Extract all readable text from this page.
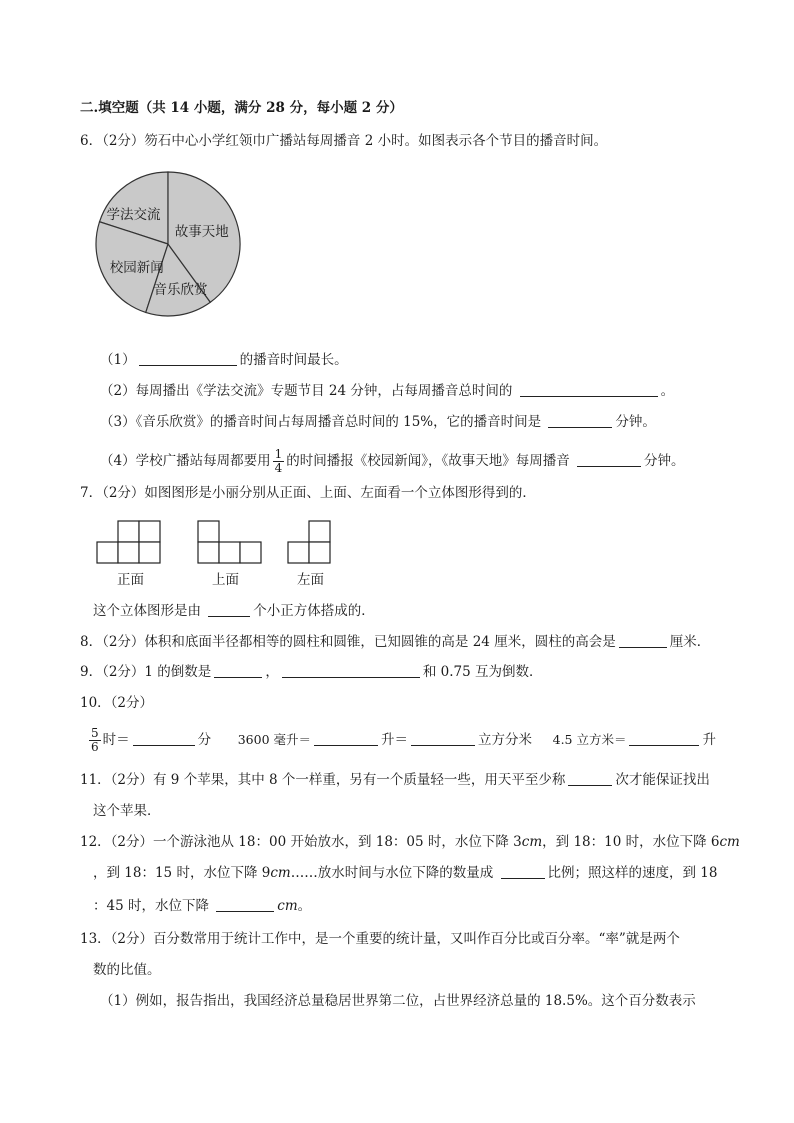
二.填空题（共 14 小题，满分 28 分，每小题 2 分）
6．（2分）笏石中心小学红领巾广播站每周播音 2 小时。如图表示各个节目的播音时间。
学法交流
校园新闻
音乐欣赏
故事天地
（1）	的播音时间最长。
（2）每周播出《学法交流》专题节目 24 分钟，占每周播音总时间的	。
（3）《音乐欣赏》的播音时间占每周播音总时间的 15%，它的播音时间是	分钟。
（4）学校广播站每周都要用 $\frac{1}{4}$ 的时间播报《校园新闻》，《故事天地》每周播音	分钟。
7．（2分）如图图形是小丽分别从正面、上面、左面看一个立体图形得到的．
正面	上面	左面
这个立体图形是由	个小正方体搭成的．
8．（2分）体积和底面半径都相等的圆柱和圆锥，已知圆锥的高是 24 厘米，圆柱的高会是	厘米．
9．（2分）1 的倒数是	，	和 0.75 互为倒数．
10．（2分）
$\frac{5}{6}$ 时＝	分 3600 毫升＝	升＝	立方分米 4.5 立方米＝	升
11．（2分）有 9 个苹果，其中 8 个一样重，另有一个质量轻一些，用天平至少称	次才能保证找出
这个苹果．
12．（2分）一个游泳池从 18：00 开始放水，到 18：05 时，水位下降 3cm，到 18：10 时，水位下降 6cm
，到 18：15 时，水位下降 9cm……放水时间与水位下降的数量成	比例；照这样的速度，到 18
：45 时，水位下降	cm。
13．（2分）百分数常用于统计工作中，是一个重要的统计量，又叫作百分比或百分率。“率”就是两个
数的比值。
（1）例如，报告指出，我国经济总量稳居世界第二位，占世界经济总量的 18.5%。这个百分数表示
